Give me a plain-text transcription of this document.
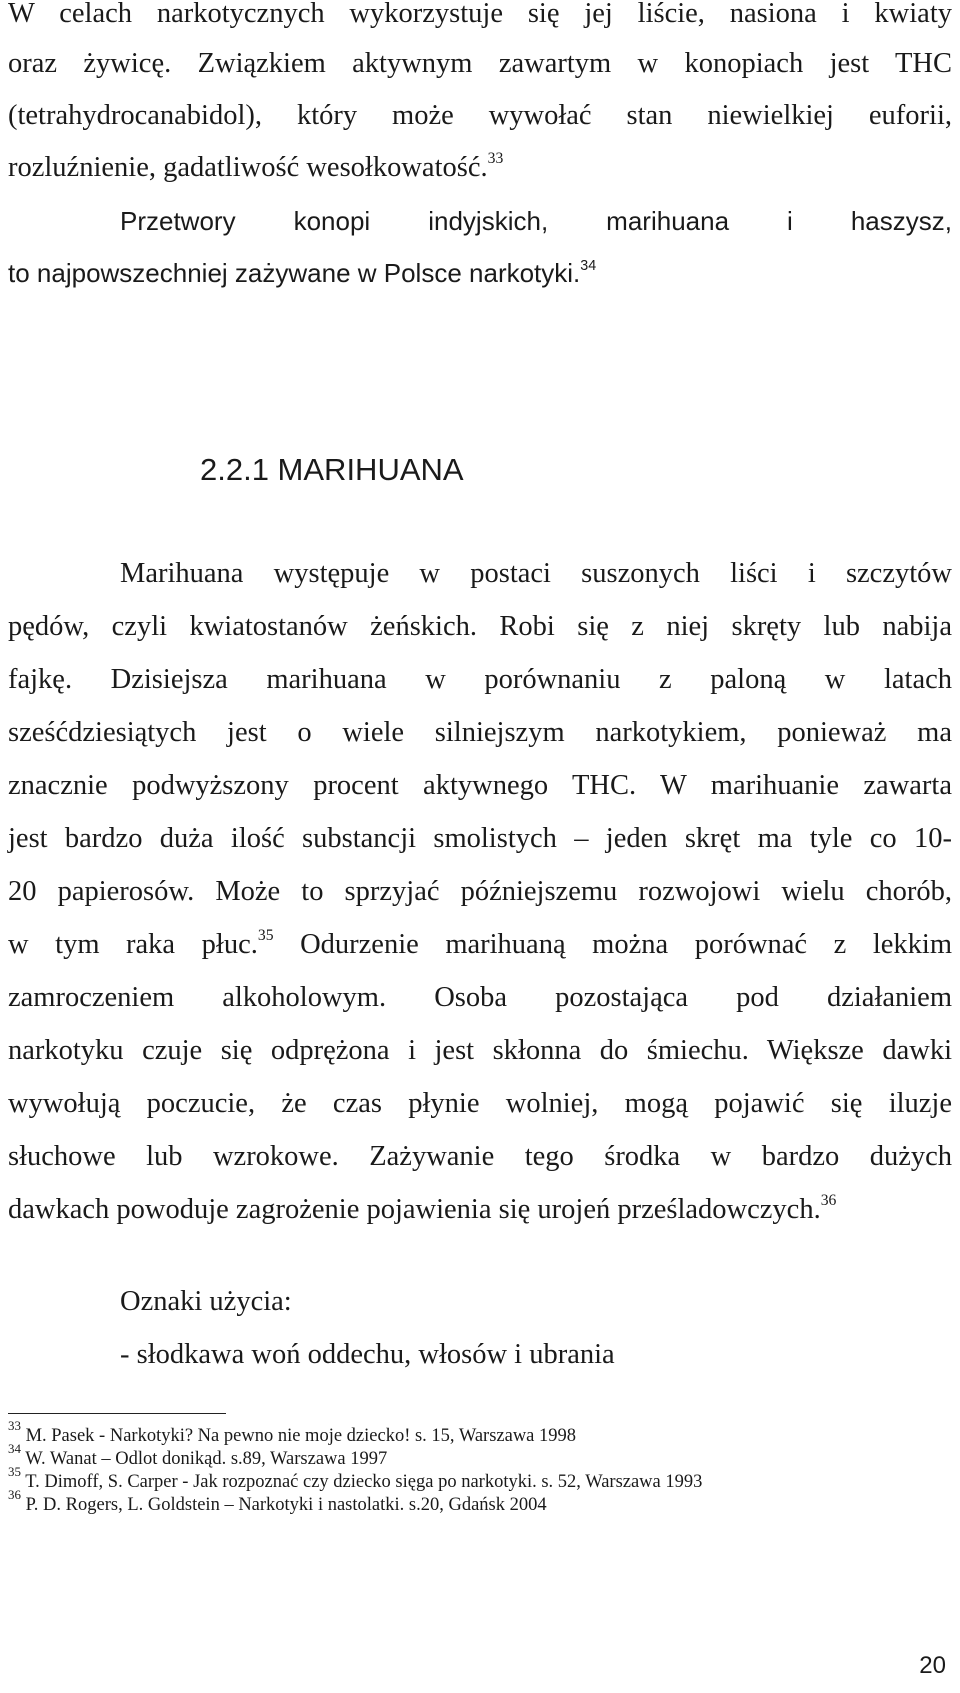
W celach narkotycznych wykorzystuje się jej liście, nasiona i kwiaty
oraz żywicę. Związkiem aktywnym zawartym w konopiach jest THC
(tetrahydrocanabidol), który może wywołać stan niewielkiej euforii,
rozluźnienie, gadatliwość wesołkowatość.$^{33}$
Przetwory konopi indyjskich, marihuana i haszysz,
to najpowszechniej zażywane w Polsce narkotyki.$^{34}$
2.2.1 MARIHUANA
Marihuana występuje w postaci suszonych liści i szczytów
pędów, czyli kwiatostanów żeńskich. Robi się z niej skręty lub nabija
fajkę. Dzisiejsza marihuana w porównaniu z paloną w latach
sześćdziesiątych jest o wiele silniejszym narkotykiem, ponieważ ma
znacznie podwyższony procent aktywnego THC. W marihuanie zawarta
jest bardzo duża ilość substancji smolistych – jeden skręt ma tyle co 10-
20 papierosów. Może to sprzyjać późniejszemu rozwojowi wielu chorób,
w tym raka płuc.$^{35}$ Odurzenie marihuaną można porównać z lekkim
zamroczeniem alkoholowym. Osoba pozostająca pod działaniem
narkotyku czuje się odprężona i jest skłonna do śmiechu. Większe dawki
wywołują poczucie, że czas płynie wolniej, mogą pojawić się iluzje
słuchowe lub wzrokowe. Zażywanie tego środka w bardzo dużych
dawkach powoduje zagrożenie pojawienia się urojeń prześladowczych.$^{36}$
Oznaki użycia:
- słodkawa woń oddechu, włosów i ubrania
$^{33}$ M. Pasek - Narkotyki? Na pewno nie moje dziecko! s. 15, Warszawa 1998
$^{34}$ W. Wanat – Odlot donikąd. s.89, Warszawa 1997
$^{35}$ T. Dimoff, S. Carper - Jak rozpoznać czy dziecko sięga po narkotyki. s. 52, Warszawa 1993
$^{36}$ P. D. Rogers, L. Goldstein – Narkotyki i nastolatki. s.20, Gdańsk 2004
20
